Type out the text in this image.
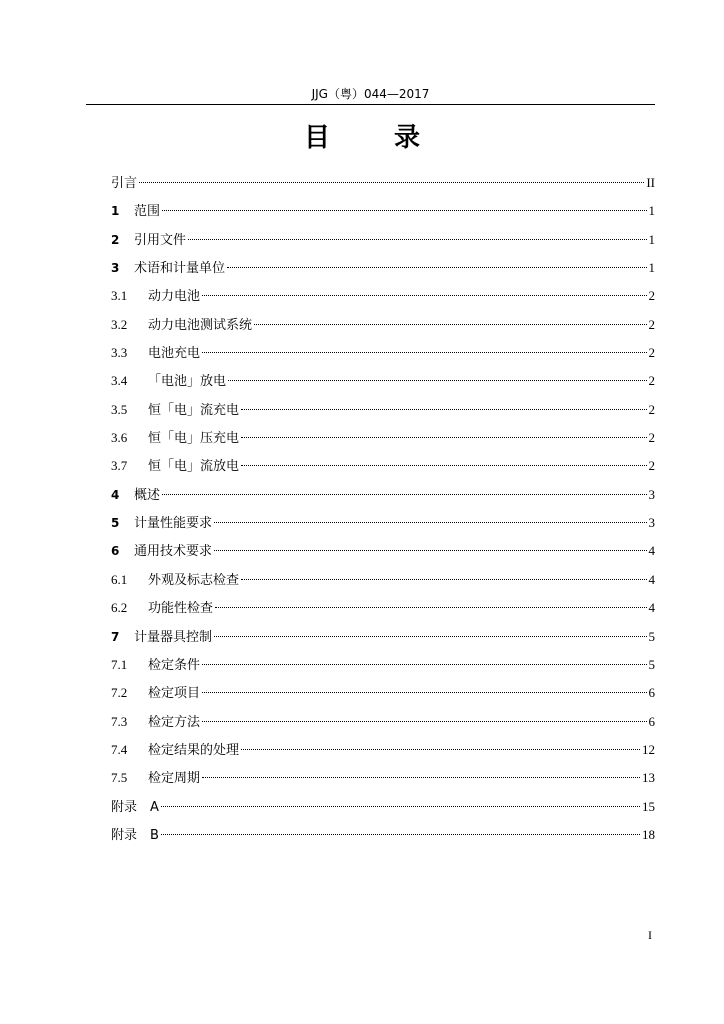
JJG（粤）044—2017
目 录
引言	II
1	范围	1
2	引用文件	1
3	术语和计量单位	1
3.1	动力电池	2
3.2	动力电池测试系统	2
3.3	电池充电	2
3.4	「电池」放电	2
3.5	恒「电」流充电	2
3.6	恒「电」压充电	2
3.7	恒「电」流放电	2
4	概述	3
5	计量性能要求	3
6	通用技术要求	4
6.1	外观及标志检查	4
6.2	功能性检查	4
7	计量器具控制	5
7.1	检定条件	5
7.2	检定项目	6
7.3	检定方法	6
7.4	检定结果的处理	12
7.5	检定周期	13
附录　A	15
附录　B	18
I
